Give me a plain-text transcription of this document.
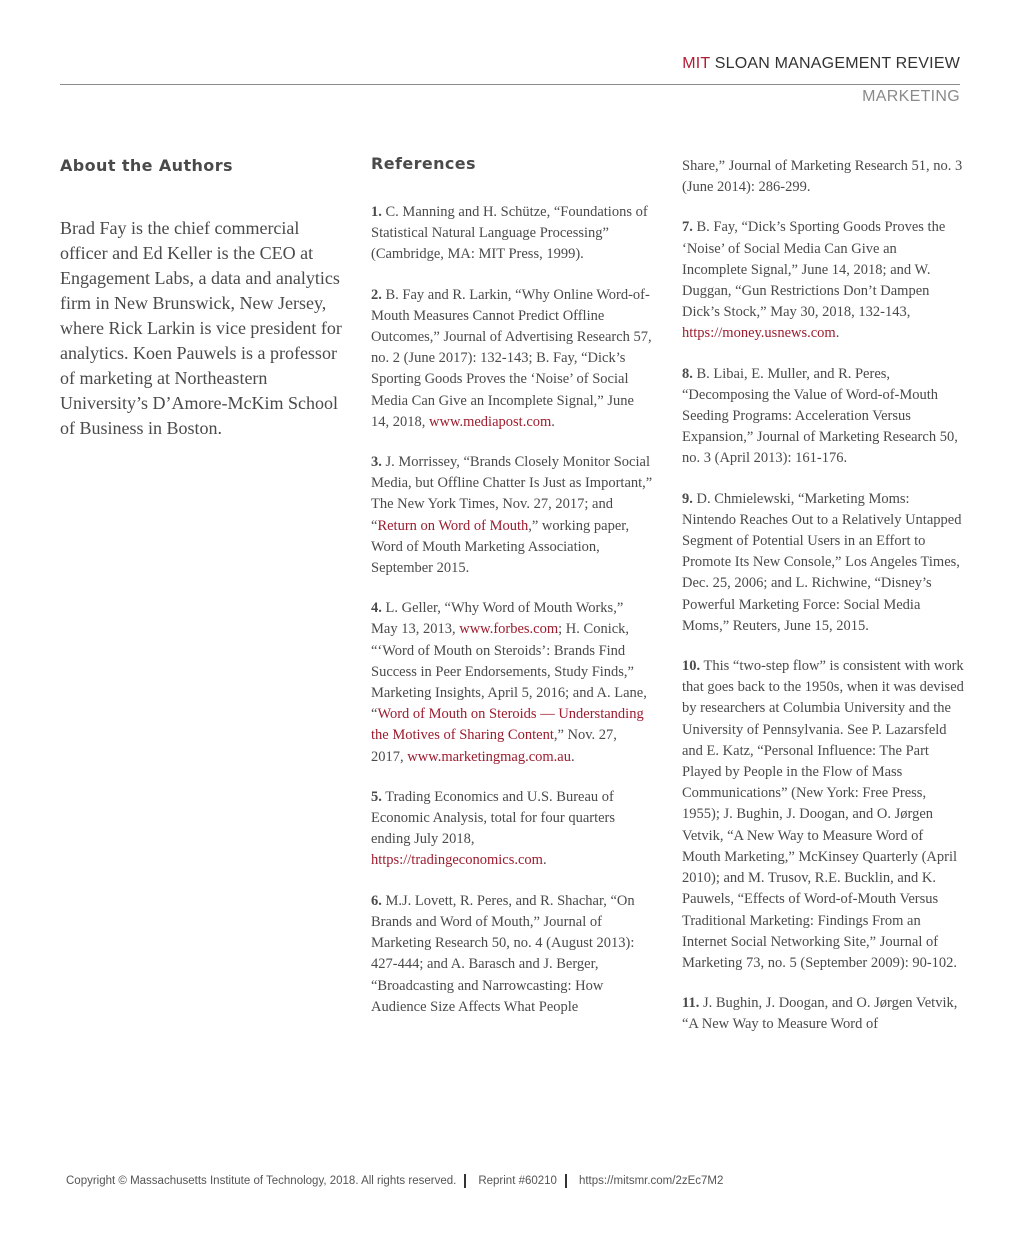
MIT SLOAN MANAGEMENT REVIEW
MARKETING
About the Authors

Brad Fay is the chief commercial officer and Ed Keller is the CEO at Engagement Labs, a data and analytics firm in New Brunswick, New Jersey, where Rick Larkin is vice president for analytics. Koen Pauwels is a professor of marketing at Northeastern University’s D’Amore-McKim School of Business in Boston.

References

1. C. Manning and H. Schütze, “Foundations of Statistical Natural Language Processing” (Cambridge, MA: MIT Press, 1999).

2. B. Fay and R. Larkin, “Why Online Word-of-Mouth Measures Cannot Predict Offline Outcomes,” Journal of Advertising Research 57, no. 2 (June 2017): 132-143; B. Fay, “Dick’s Sporting Goods Proves the ‘Noise’ of Social Media Can Give an Incomplete Signal,” June 14, 2018, www.mediapost.com.

3. J. Morrissey, “Brands Closely Monitor Social Media, but Offline Chatter Is Just as Important,” The New York Times, Nov. 27, 2017; and “Return on Word of Mouth,” working paper, Word of Mouth Marketing Association, September 2015.

4. L. Geller, “Why Word of Mouth Works,” May 13, 2013, www.forbes.com; H. Conick, “‘Word of Mouth on Steroids’: Brands Find Success in Peer Endorsements, Study Finds,” Marketing Insights, April 5, 2016; and A. Lane, “Word of Mouth on Steroids — Understanding the Motives of Sharing Content,” Nov. 27, 2017, www.marketingmag.com.au.

5. Trading Economics and U.S. Bureau of Economic Analysis, total for four quarters ending July 2018, https://tradingeconomics.com.

6. M.J. Lovett, R. Peres, and R. Shachar, “On Brands and Word of Mouth,” Journal of Marketing Research 50, no. 4 (August 2013): 427-444; and A. Barasch and J. Berger, “Broadcasting and Narrowcasting: How Audience Size Affects What People

Share,” Journal of Marketing Research 51, no. 3 (June 2014): 286-299.

7. B. Fay, “Dick’s Sporting Goods Proves the ‘Noise’ of Social Media Can Give an Incomplete Signal,” June 14, 2018; and W. Duggan, “Gun Restrictions Don’t Dampen Dick’s Stock,” May 30, 2018, 132-143, https://money.usnews.com.

8. B. Libai, E. Muller, and R. Peres, “Decomposing the Value of Word-of-Mouth Seeding Programs: Acceleration Versus Expansion,” Journal of Marketing Research 50, no. 3 (April 2013): 161-176.

9. D. Chmielewski, “Marketing Moms: Nintendo Reaches Out to a Relatively Untapped Segment of Potential Users in an Effort to Promote Its New Console,” Los Angeles Times, Dec. 25, 2006; and L. Richwine, “Disney’s Powerful Marketing Force: Social Media Moms,” Reuters, June 15, 2015.

10. This “two-step flow” is consistent with work that goes back to the 1950s, when it was devised by researchers at Columbia University and the University of Pennsylvania. See P. Lazarsfeld and E. Katz, “Personal Influence: The Part Played by People in the Flow of Mass Communications” (New York: Free Press, 1955); J. Bughin, J. Doogan, and O. Jørgen Vetvik, “A New Way to Measure Word of Mouth Marketing,” McKinsey Quarterly (April 2010); and M. Trusov, R.E. Bucklin, and K. Pauwels, “Effects of Word-of-Mouth Versus Traditional Marketing: Findings From an Internet Social Networking Site,” Journal of Marketing 73, no. 5 (September 2009): 90-102.

11. J. Bughin, J. Doogan, and O. Jørgen Vetvik, “A New Way to Measure Word of

Copyright © Massachusetts Institute of Technology, 2018. All rights reserved. Reprint #60210 https://mitsmr.com/2zEc7M2
